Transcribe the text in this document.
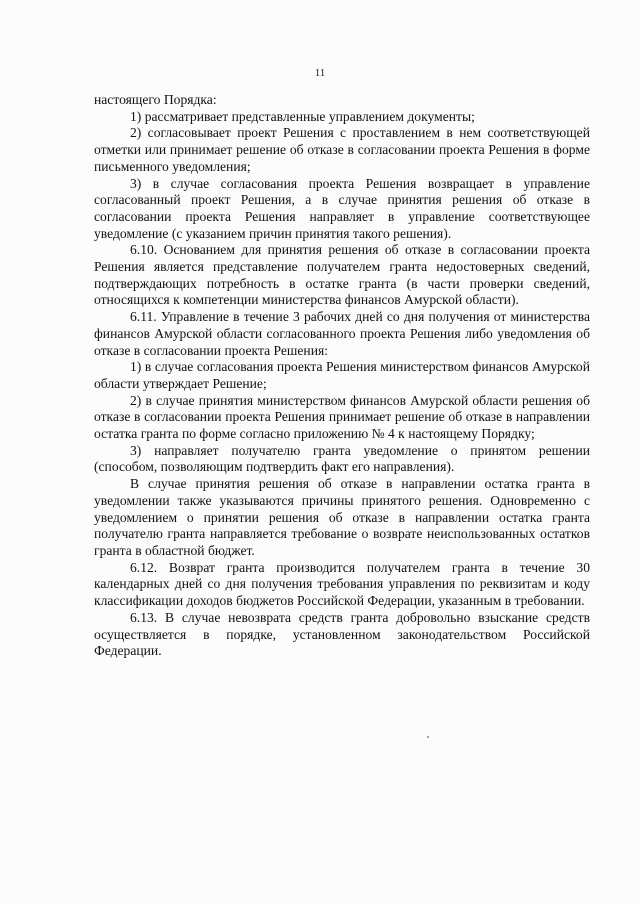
11

настоящего Порядка:

1) рассматривает представленные управлением документы;

2) согласовывает проект Решения с проставлением в нем соответствующей отметки или принимает решение об отказе в согласовании проекта Решения в форме письменного уведомления;

3) в случае согласования проекта Решения возвращает в управление согласованный проект Решения, а в случае принятия решения об отказе в согласовании проекта Решения направляет в управление соответствующее уведомление (с указанием причин принятия такого решения).

6.10. Основанием для принятия решения об отказе в согласовании проекта Решения является представление получателем гранта недостоверных сведений, подтверждающих потребность в остатке гранта (в части проверки сведений, относящихся к компетенции министерства финансов Амурской области).

6.11. Управление в течение 3 рабочих дней со дня получения от министерства финансов Амурской области согласованного проекта Решения либо уведомления об отказе в согласовании проекта Решения:

1) в случае согласования проекта Решения министерством финансов Амурской области утверждает Решение;

2) в случае принятия министерством финансов Амурской области решения об отказе в согласовании проекта Решения принимает решение об отказе в направлении остатка гранта по форме согласно приложению № 4 к настоящему Порядку;

3) направляет получателю гранта уведомление о принятом решении (способом, позволяющим подтвердить факт его направления).

В случае принятия решения об отказе в направлении остатка гранта в уведомлении также указываются причины принятого решения. Одновременно с уведомлением о принятии решения об отказе в направлении остатка гранта получателю гранта направляется требование о возврате неиспользованных остатков гранта в областной бюджет.

6.12. Возврат гранта производится получателем гранта в течение 30 календарных дней со дня получения требования управления по реквизитам и коду классификации доходов бюджетов Российской Федерации, указанным в требовании.

6.13. В случае невозврата средств гранта добровольно взыскание средств осуществляется в порядке, установленном законодательством Российской Федерации.
